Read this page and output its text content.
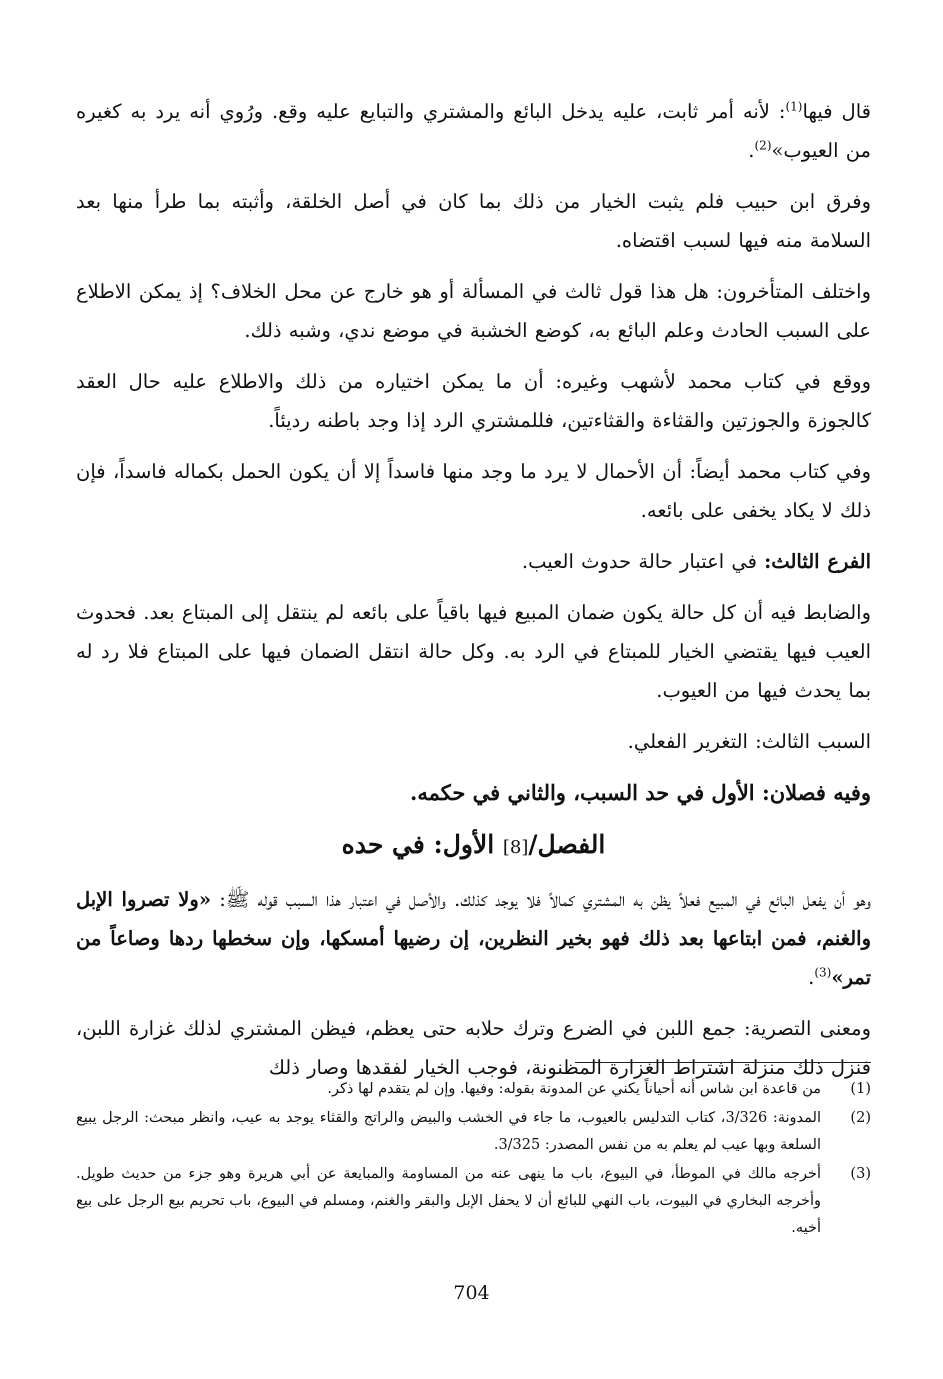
قال فيها$^{(1)}$: لأنه أمر ثابت، عليه يدخل البائع والمشتري والتبايع عليه وقع. ورُوي أنه يرد به كغيره من العيوب»$^{(2)}$.

وفرق ابن حبيب فلم يثبت الخيار من ذلك بما كان في أصل الخلقة، وأثبته بما طرأ منها بعد السلامة منه فيها لسبب اقتضاه.

واختلف المتأخرون: هل هذا قول ثالث في المسألة أو هو خارج عن محل الخلاف؟ إذ يمكن الاطلاع على السبب الحادث وعلم البائع به، كوضع الخشبة في موضع ندي، وشبه ذلك.

ووقع في كتاب محمد لأشهب وغيره: أن ما يمكن اختياره من ذلك والاطلاع عليه حال العقد كالجوزة والجوزتين والقثاءة والقثاءتين، فللمشتري الرد إذا وجد باطنه رديئاً.

وفي كتاب محمد أيضاً: أن الأحمال لا يرد ما وجد منها فاسداً إلا أن يكون الحمل بكماله فاسداً، فإن ذلك لا يكاد يخفى على بائعه.

الفرع الثالث: في اعتبار حالة حدوث العيب.

والضابط فيه أن كل حالة يكون ضمان المبيع فيها باقياً على بائعه لم ينتقل إلى المبتاع بعد. فحدوث العيب فيها يقتضي الخيار للمبتاع في الرد به. وكل حالة انتقل الضمان فيها على المبتاع فلا رد له بما يحدث فيها من العيوب.

السبب الثالث: التغرير الفعلي.

وفيه فصلان: الأول في حد السبب، والثاني في حكمه.

الفصل/[8] الأول: في حده

وهو أن يفعل البائع في المبيع فعلاً يظن به المشتري كمالاً فلا يوجد كذلك. والأصل في اعتبار هذا السبب قوله ﷺ: «ولا تصروا الإبل والغنم، فمن ابتاعها بعد ذلك فهو بخير النظرين، إن رضيها أمسكها، وإن سخطها ردها وصاعاً من تمر»$^{(3)}$.

ومعنى التصرية: جمع اللبن في الضرع وترك حلابه حتى يعظم، فيظن المشتري لذلك غزارة اللبن، فنزل ذلك منزلة اشتراط الغزارة المظنونة، فوجب الخيار لفقدها وصار ذلك

(1)
من قاعدة ابن شاس أنه أحياناً يكني عن المدونة بقوله: وفيها. وإن لم يتقدم لها ذكر.
(2)
المدونة: 3/326، كتاب التدليس بالعيوب، ما جاء في الخشب والبيض والراتج والقثاء يوجد به عيب، وانظر مبحث: الرجل يبيع السلعة وبها عيب لم يعلم به من نفس المصدر: 3/325.
(3)
أخرجه مالك في الموطأ، في البيوع، باب ما ينهى عنه من المساومة والمبايعة عن أبي هريرة وهو جزء من حديث طويل. وأخرجه البخاري في البيوت، باب النهي للبائع أن لا يحفل الإبل والبقر والغنم، ومسلم في البيوع، باب تحريم بيع الرجل على بيع أخيه.
704
